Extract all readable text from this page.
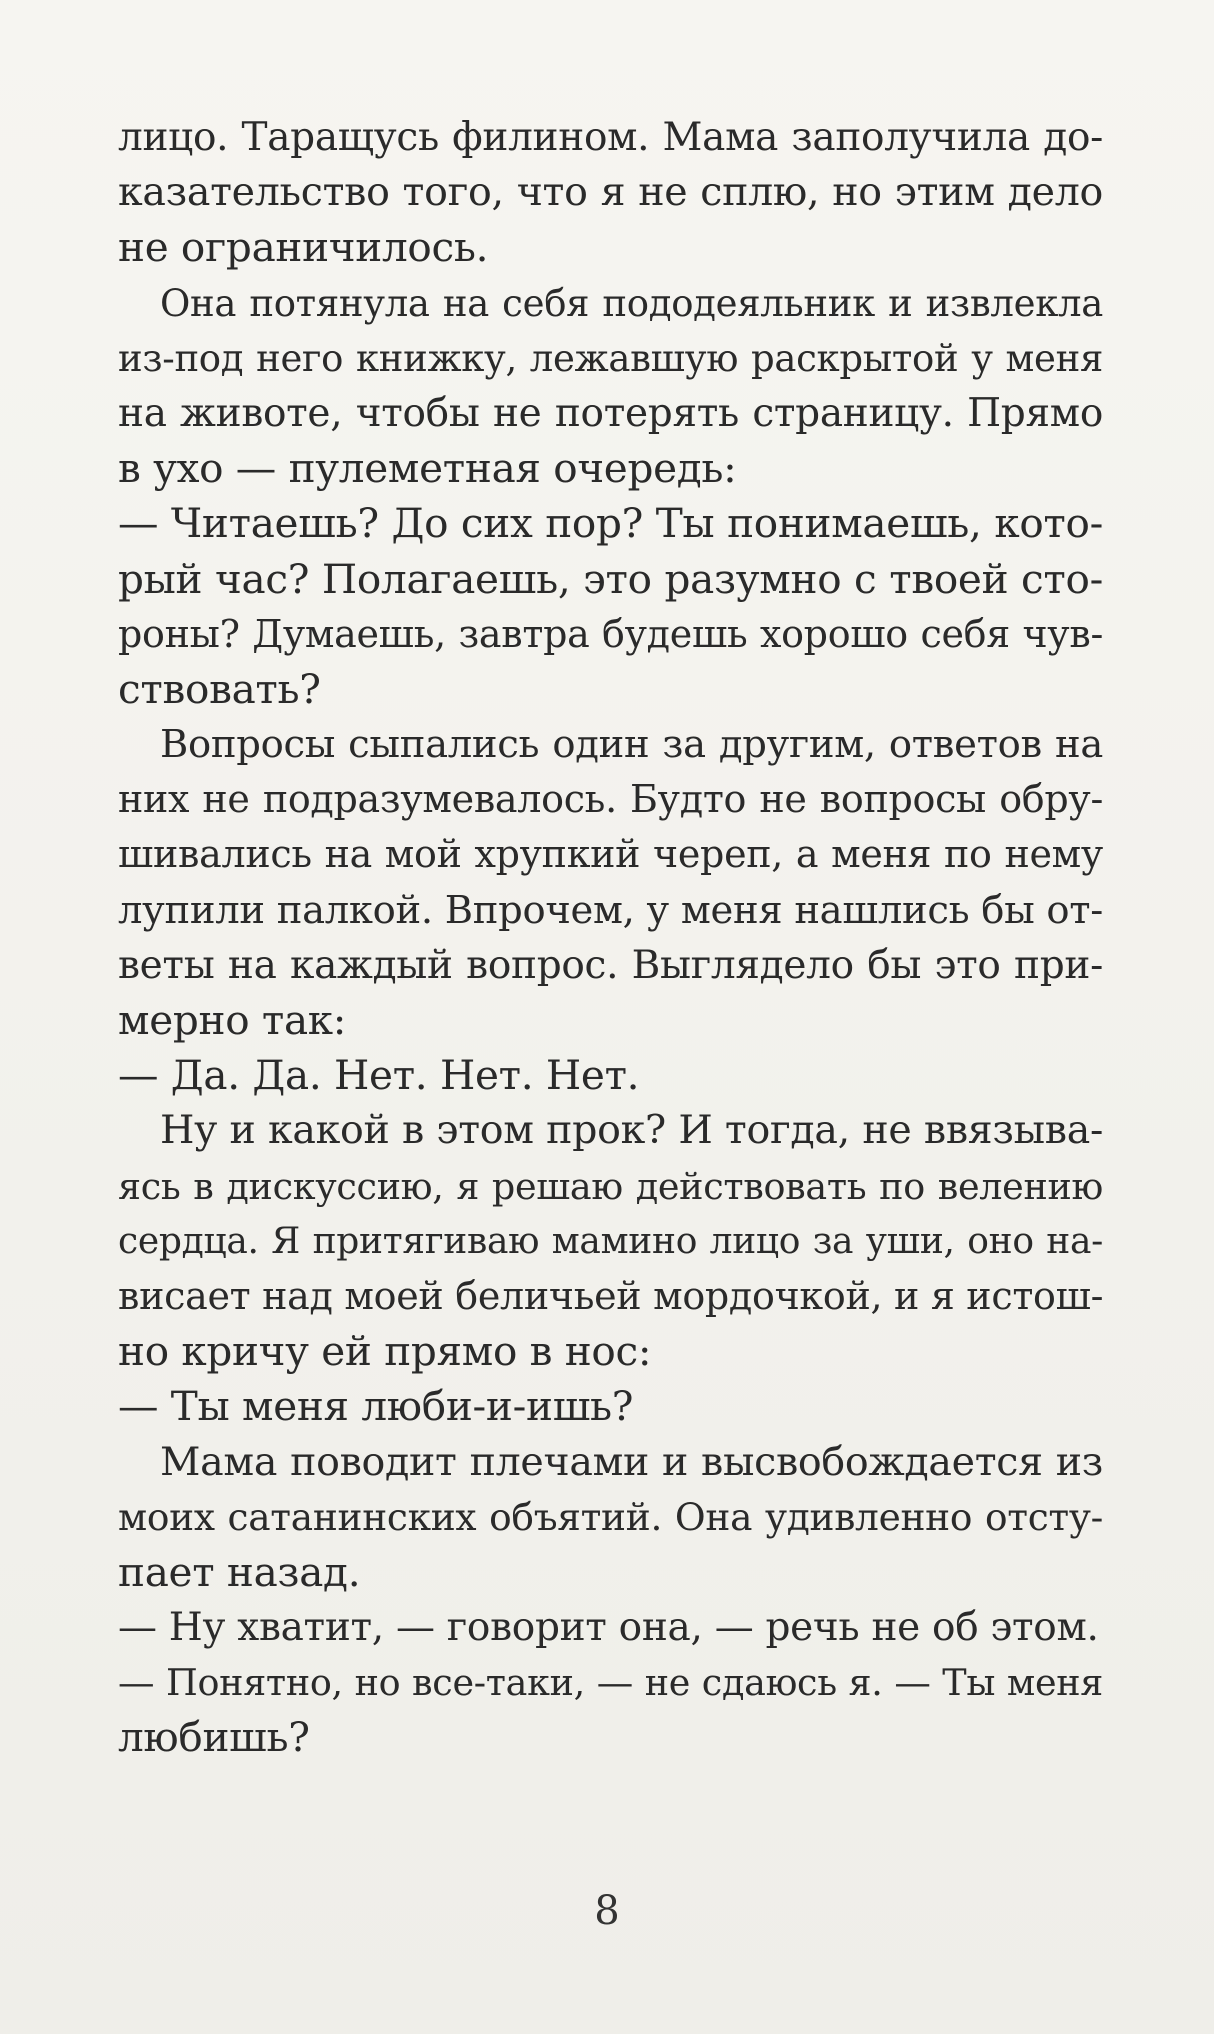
лицо. Таращусь филином. Мама заполучила до-
казательство того, что я не сплю, но этим дело
не ограничилось.
Она потянула на себя пододеяльник и извлекла
из-под него книжку, лежавшую раскрытой у меня
на животе, чтобы не потерять страницу. Прямо
в ухо — пулеметная очередь:
— Читаешь? До сих пор? Ты понимаешь, кото-
рый час? Полагаешь, это разумно с твоей сто-
роны? Думаешь, завтра будешь хорошо себя чув-
ствовать?
Вопросы сыпались один за другим, ответов на
них не подразумевалось. Будто не вопросы обру-
шивались на мой хрупкий череп, а меня по нему
лупили палкой. Впрочем, у меня нашлись бы от-
веты на каждый вопрос. Выглядело бы это при-
мерно так:
— Да. Да. Нет. Нет. Нет.
Ну и какой в этом прок? И тогда, не ввязыва-
ясь в дискуссию, я решаю действовать по велению
сердца. Я притягиваю мамино лицо за уши, оно на-
висает над моей беличьей мордочкой, и я истош-
но кричу ей прямо в нос:
— Ты меня люби-и-ишь?
Мама поводит плечами и высвобождается из
моих сатанинских объятий. Она удивленно отсту-
пает назад.
— Ну хватит, — говорит она, — речь не об этом.
— Понятно, но все-таки, — не сдаюсь я. — Ты меня
любишь?
8
